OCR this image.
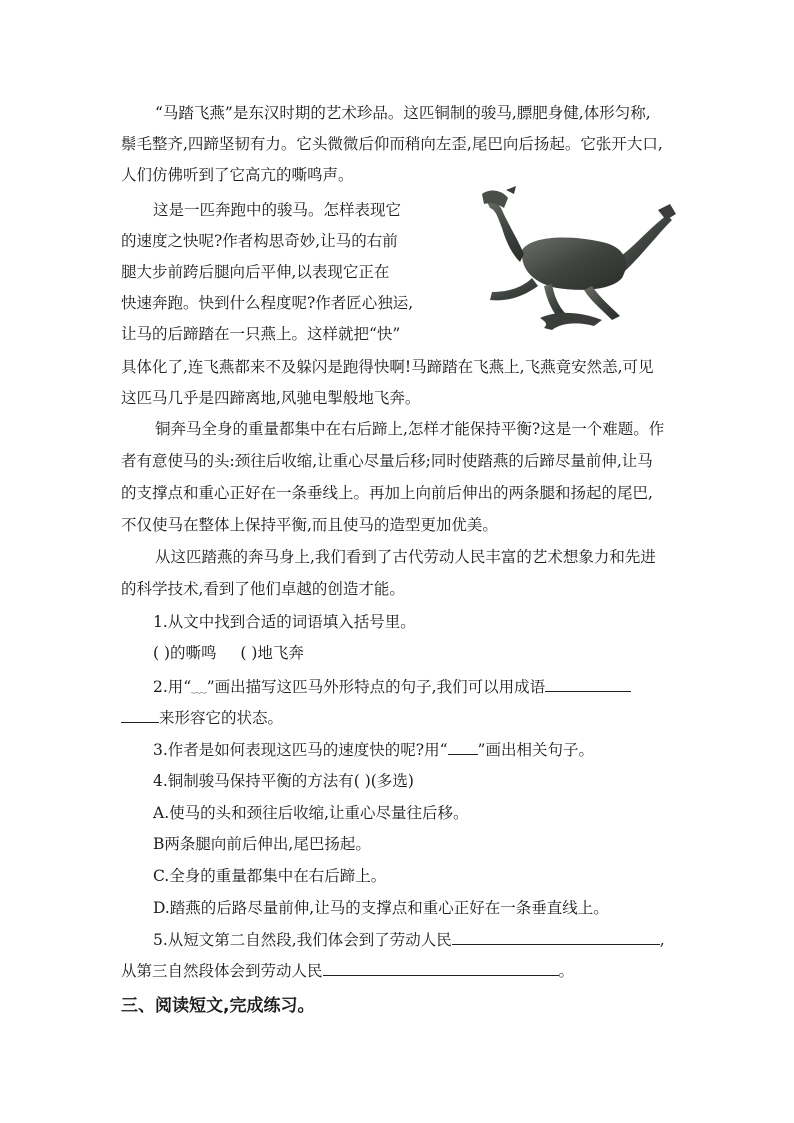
“马踏飞燕”是东汉时期的艺术珍品。这匹铜制的骏马,膘肥身健,体形匀称,
鬃毛整齐,四蹄坚韧有力。它头微微后仰而稍向左歪,尾巴向后扬起。它张开大口,
人们仿佛听到了它高亢的嘶鸣声。
这是一匹奔跑中的骏马。怎样表现它
的速度之快呢?作者构思奇妙,让马的右前
腿大步前跨后腿向后平伸,以表现它正在
快速奔跑。快到什么程度呢?作者匠心独运,
让马的后蹄踏在一只燕上。这样就把“快”
具体化了,连飞燕都来不及躲闪是跑得快啊!马蹄踏在飞燕上,飞燕竟安然恙,可见
这匹马几乎是四蹄离地,风驰电掣般地飞奔。
铜奔马全身的重量都集中在右后蹄上,怎样才能保持平衡?这是一个难题。作
者有意使马的头:颈往后收缩,让重心尽量后移;同时使踏燕的后蹄尽量前伸,让马
的支撑点和重心正好在一条垂线上。再加上向前后伸出的两条腿和扬起的尾巴,
不仅使马在整体上保持平衡,而且使马的造型更加优美。
从这匹踏燕的奔马身上,我们看到了古代劳动人民丰富的艺术想象力和先进
的科学技术,看到了他们卓越的创造才能。
1.从文中找到合适的词语填入括号里。
( )的嘶鸣 ( )地飞奔
2.用“﹏”画出描写这匹马外形特点的句子,我们可以用成语
来形容它的状态。
3.作者是如何表现这匹马的速度快的呢?用“ ”画出相关句子。
4.铜制骏马保持平衡的方法有( )(多选)
A.使马的头和颈往后收缩,让重心尽量往后移。
B两条腿向前后伸出,尾巴扬起。
C.全身的重量都集中在右后蹄上。
D.踏燕的后路尽量前伸,让马的支撑点和重心正好在一条垂直线上。
5.从短文第二自然段,我们体会到了劳动人民	,
从第三自然段体会到劳动人民	。
三、阅读短文,完成练习。
